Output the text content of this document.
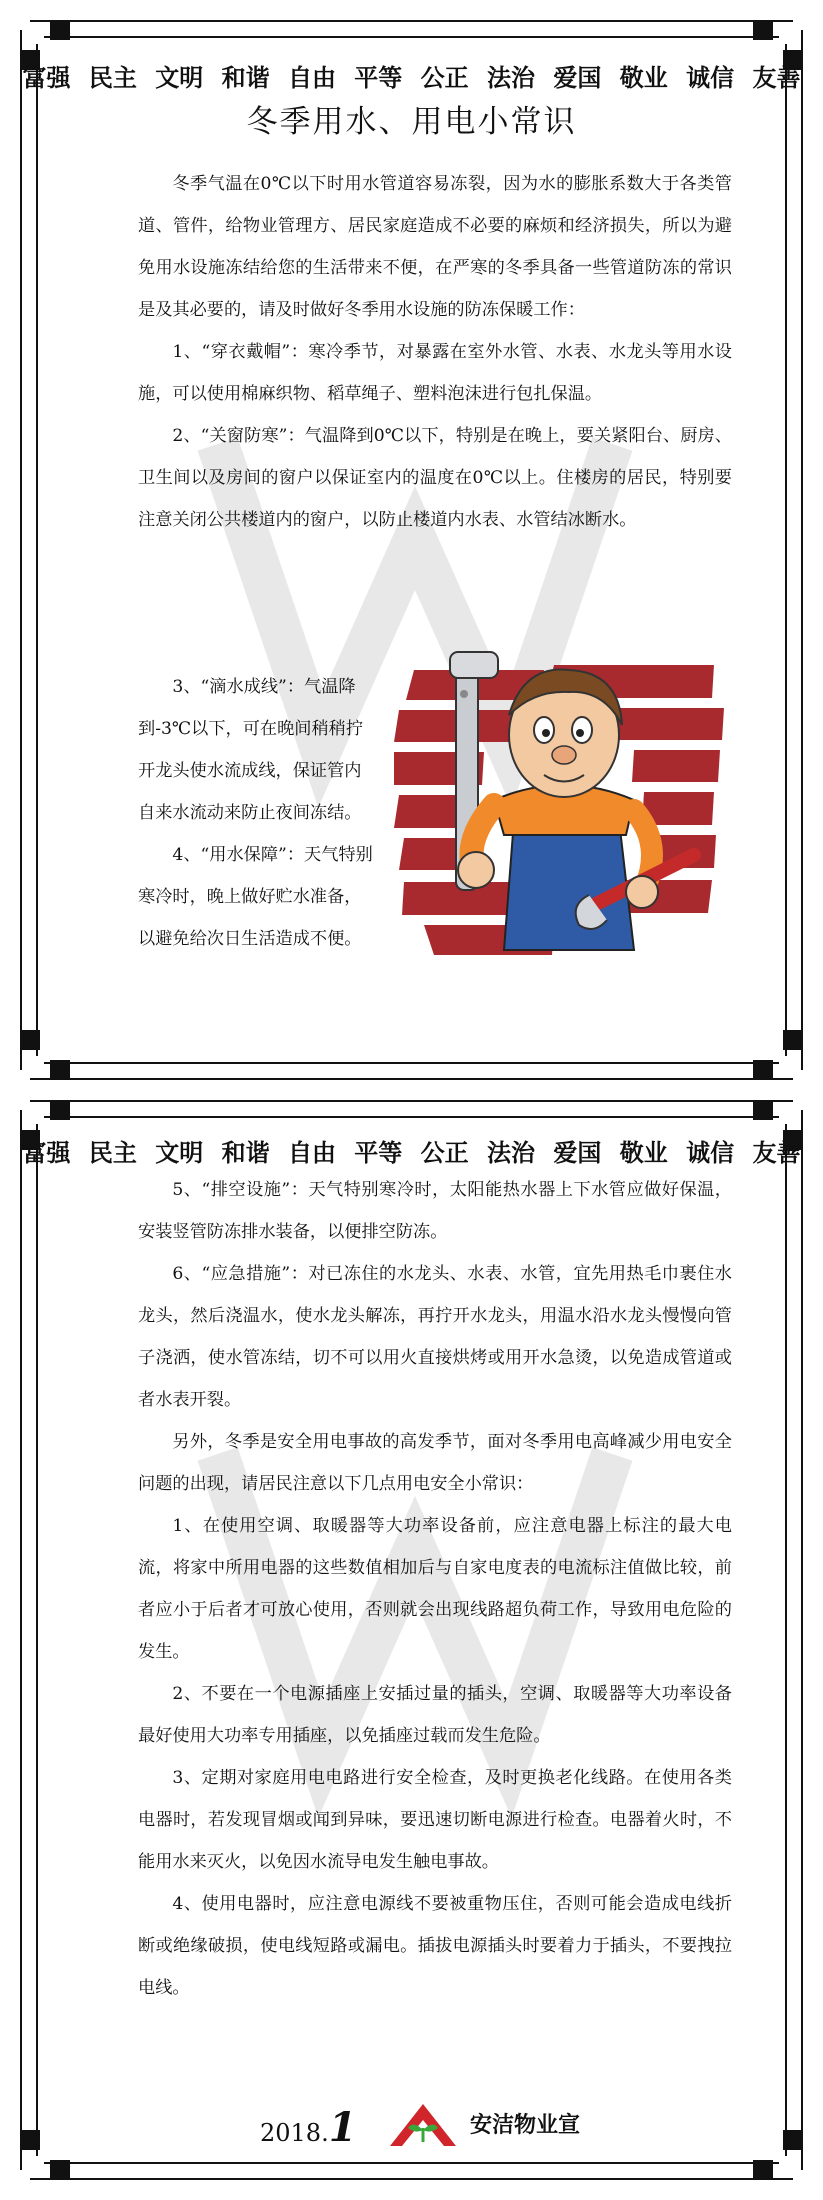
富强 民主 文明 和谐 自由 平等 公正 法治 爱国 敬业 诚信 友善
冬季用水、用电小常识

冬季气温在0℃以下时用水管道容易冻裂，因为水的膨胀系数大于各类管道、管件，给物业管理方、居民家庭造成不必要的麻烦和经济损失，所以为避免用水设施冻结给您的生活带来不便，在严寒的冬季具备一些管道防冻的常识是及其必要的，请及时做好冬季用水设施的防冻保暖工作：

1、“穿衣戴帽”：寒冷季节，对暴露在室外水管、水表、水龙头等用水设施，可以使用棉麻织物、稻草绳子、塑料泡沫进行包扎保温。

2、“关窗防寒”：气温降到0℃以下，特别是在晚上，要关紧阳台、厨房、卫生间以及房间的窗户以保证室内的温度在0℃以上。住楼房的居民，特别要注意关闭公共楼道内的窗户，以防止楼道内水表、水管结冰断水。

3、“滴水成线”：气温降到-3℃以下，可在晚间稍稍拧开龙头使水流成线，保证管内自来水流动来防止夜间冻结。

4、“用水保障”：天气特别寒冷时，晚上做好贮水准备，以避免给次日生活造成不便。

富强 民主 文明 和谐 自由 平等 公正 法治 爱国 敬业 诚信 友善

5、“排空设施”：天气特别寒冷时，太阳能热水器上下水管应做好保温，安装竖管防冻排水装备，以便排空防冻。

6、“应急措施”：对已冻住的水龙头、水表、水管，宜先用热毛巾裹住水龙头，然后浇温水，使水龙头解冻，再拧开水龙头，用温水沿水龙头慢慢向管子浇洒，使水管冻结，切不可以用火直接烘烤或用开水急烫，以免造成管道或者水表开裂。

另外，冬季是安全用电事故的高发季节，面对冬季用电高峰减少用电安全问题的出现，请居民注意以下几点用电安全小常识：

1、在使用空调、取暖器等大功率设备前，应注意电器上标注的最大电流，将家中所用电器的这些数值相加后与自家电度表的电流标注值做比较，前者应小于后者才可放心使用，否则就会出现线路超负荷工作，导致用电危险的发生。

2、不要在一个电源插座上安插过量的插头，空调、取暖器等大功率设备最好使用大功率专用插座，以免插座过载而发生危险。

3、定期对家庭用电电路进行安全检查，及时更换老化线路。在使用各类电器时，若发现冒烟或闻到异味，要迅速切断电源进行检查。电器着火时，不能用水来灭火，以免因水流导电发生触电事故。

4、使用电器时，应注意电源线不要被重物压住，否则可能会造成电线折断或绝缘破损，使电线短路或漏电。插拔电源插头时要着力于插头，不要拽拉电线。

2018.1	安洁物业宣
